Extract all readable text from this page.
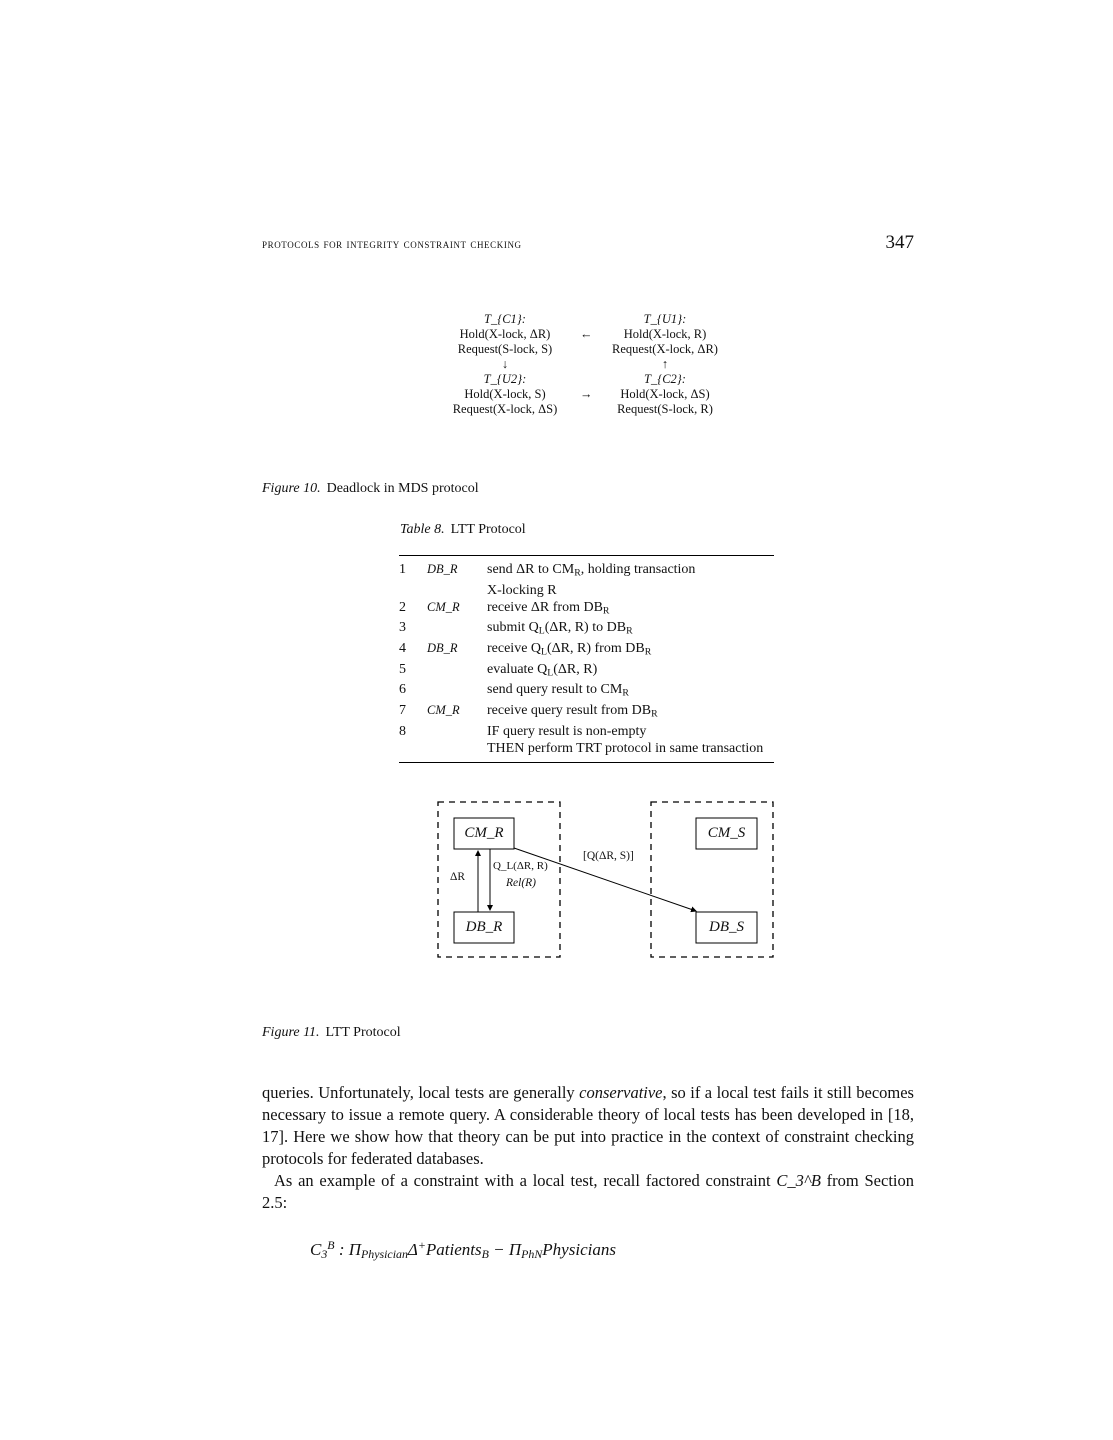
protocols for integrity constraint checking	347
T_{C1}:
Hold(X-lock, ΔR)
Request(S-lock, S)
T_{U1}:
Hold(X-lock, R)
Request(X-lock, ΔR)
T_{U2}:
Hold(X-lock, S)
Request(X-lock, ΔS)
T_{C2}:
Hold(X-lock, ΔS)
Request(S-lock, R)
↓	↑
←
→
Figure 10. Deadlock in MDS protocol
Table 8. LTT Protocol
1	DB_R	send ΔR to $CM_R$, holding transaction
X-locking R
2	CM_R	receive ΔR from $DB_R$
3	submit $Q_L(\Delta R$, R) to $DB_R$
4	DB_R	receive $Q_L(\Delta R$, R) from $DB_R$
5	evaluate $Q_L(\Delta R$, R)
6	send query result to $CM_R$
7	CM_R	receive query result from $DB_R$
8	IF query result is non-empty
THEN perform TRT protocol in same transaction
CM_R
DB_R
CM_S
DB_S
ΔR
Q_L(ΔR, R)
Rel(R)
[Q(ΔR, S)]
Figure 11. LTT Protocol
queries. Unfortunately, local tests are generally conservative, so if a local test fails it still becomes necessary to issue a remote query. A considerable theory of local tests has been developed in [18, 17]. Here we show how that theory can be put into practice in the context of constraint checking protocols for federated databases.
As an example of a constraint with a local test, recall factored constraint C_3^B from Section 2.5:
$C_3^B$ : $\Pi_{Physician}\Delta^+Patients_B$ − $\Pi_{PhN}Physicians$
